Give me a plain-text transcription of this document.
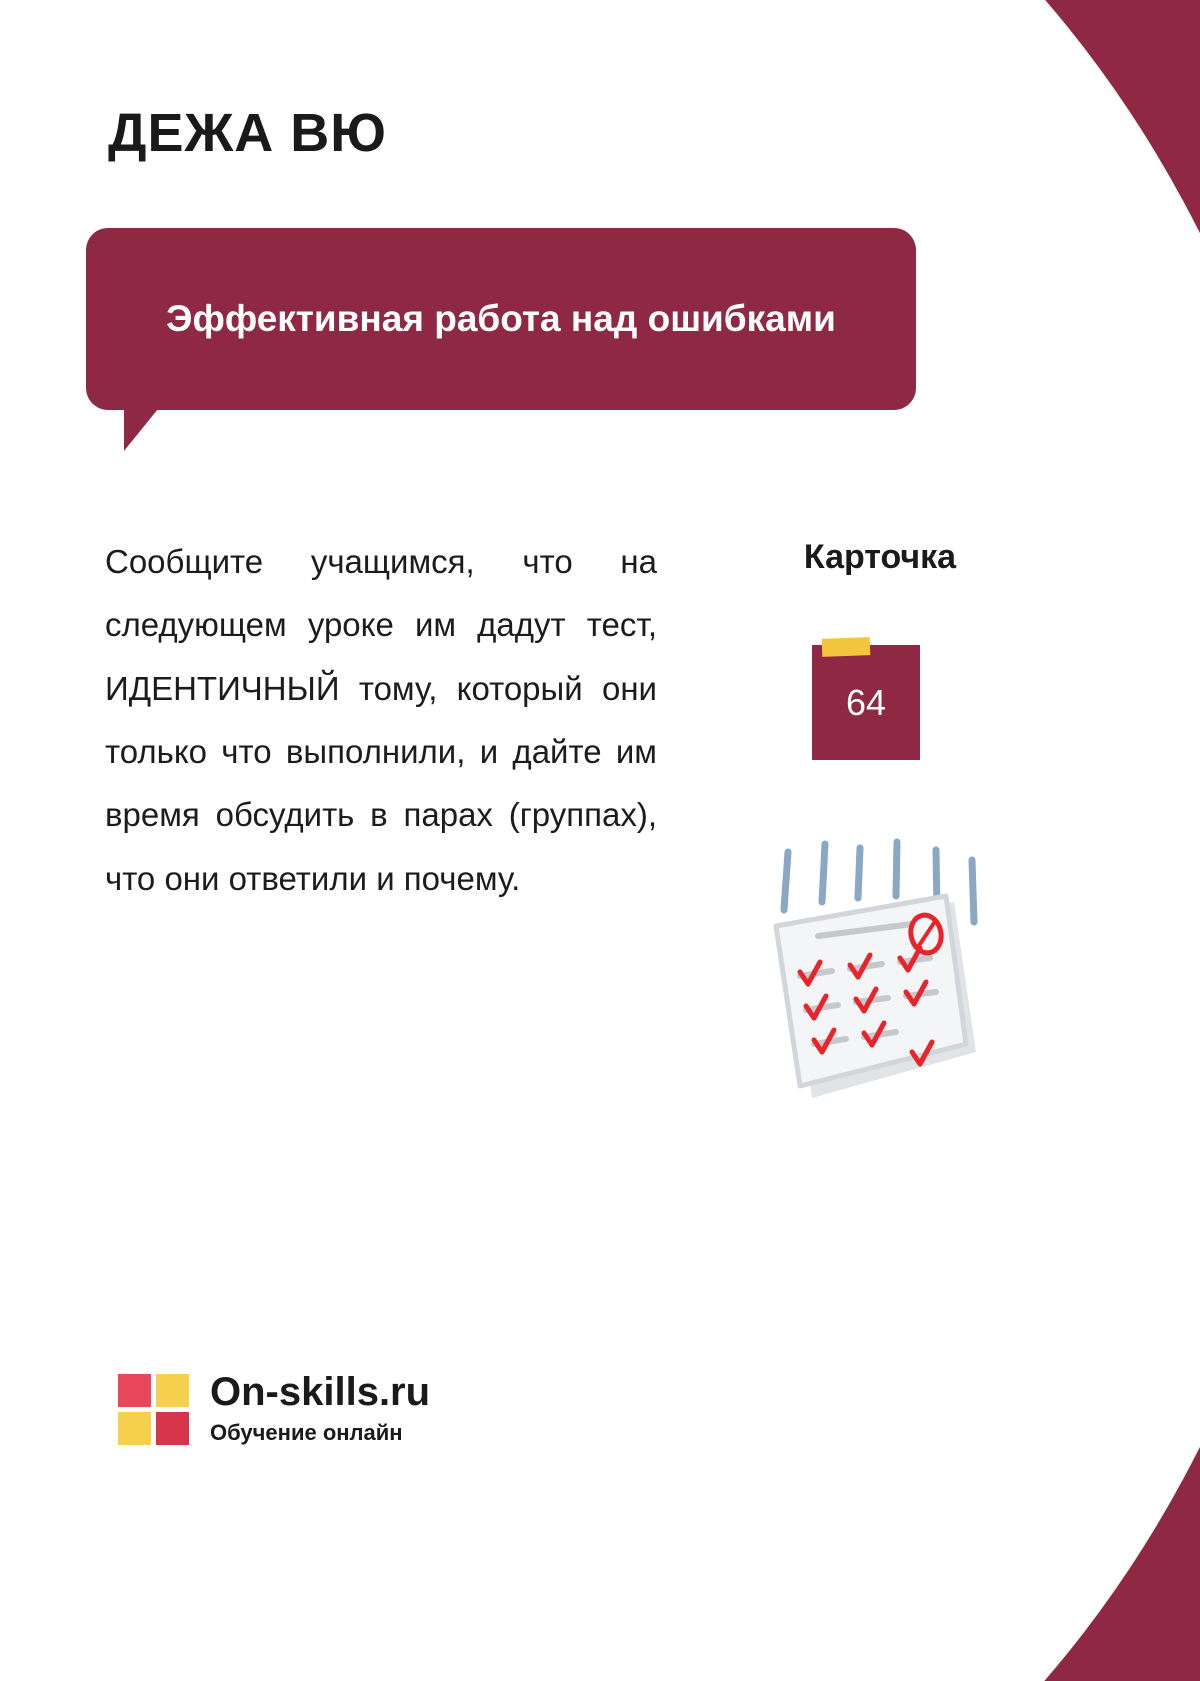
ДЕЖА ВЮ
Эффективная работа над ошибками
Сообщите учащимся, что на следующем уроке им дадут тест, ИДЕНТИЧНЫЙ тому, который они только что выполнили, и дайте им время обсудить в парах (группах), что они ответили и почему.
Карточка
64
On-skills.ru
Обучение онлайн
